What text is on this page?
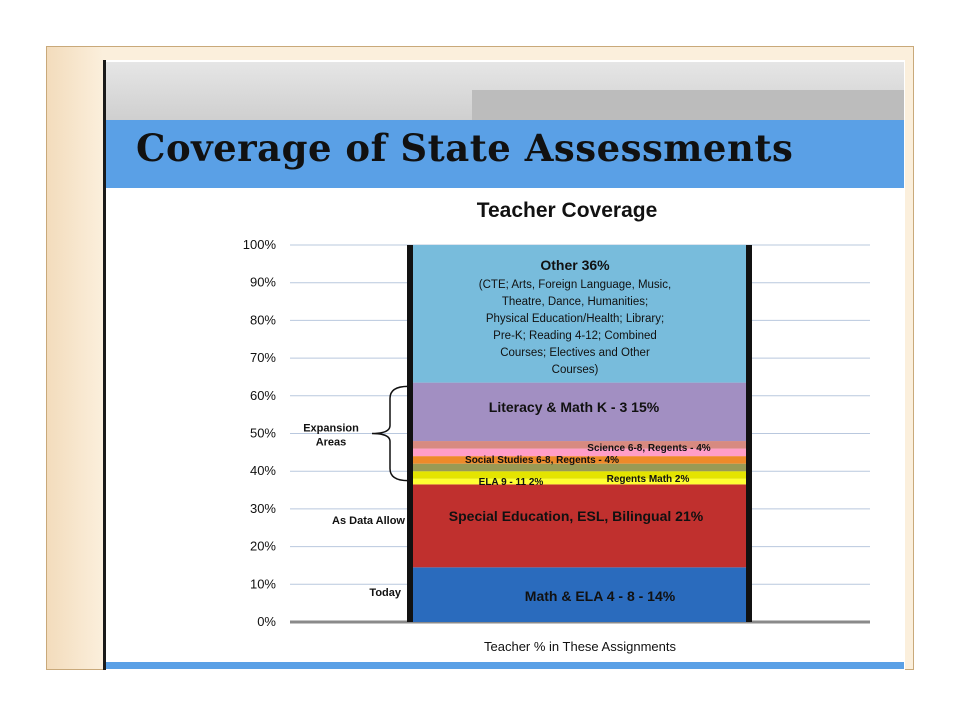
Coverage of State Assessments
Teacher Coverage
0%
10%
20%
30%
40%
50%
60%
70%
80%
90%
100%
Math & ELA 4 - 8 - 14%
Special Education, ESL, Bilingual 21%
ELA 9 - 11 2%	Regents Math 2%
Social Studies 6-8, Regents - 4%
Science 6-8, Regents - 4%
Literacy & Math K - 3 15%
Other 36%
(CTE; Arts, Foreign Language, Music,
Theatre, Dance, Humanities;
Physical Education/Health; Library;
Pre-K; Reading 4-12; Combined
Courses; Electives and Other
Courses)
Today
As Data Allow
Expansion
Areas
Teacher % in These Assignments
